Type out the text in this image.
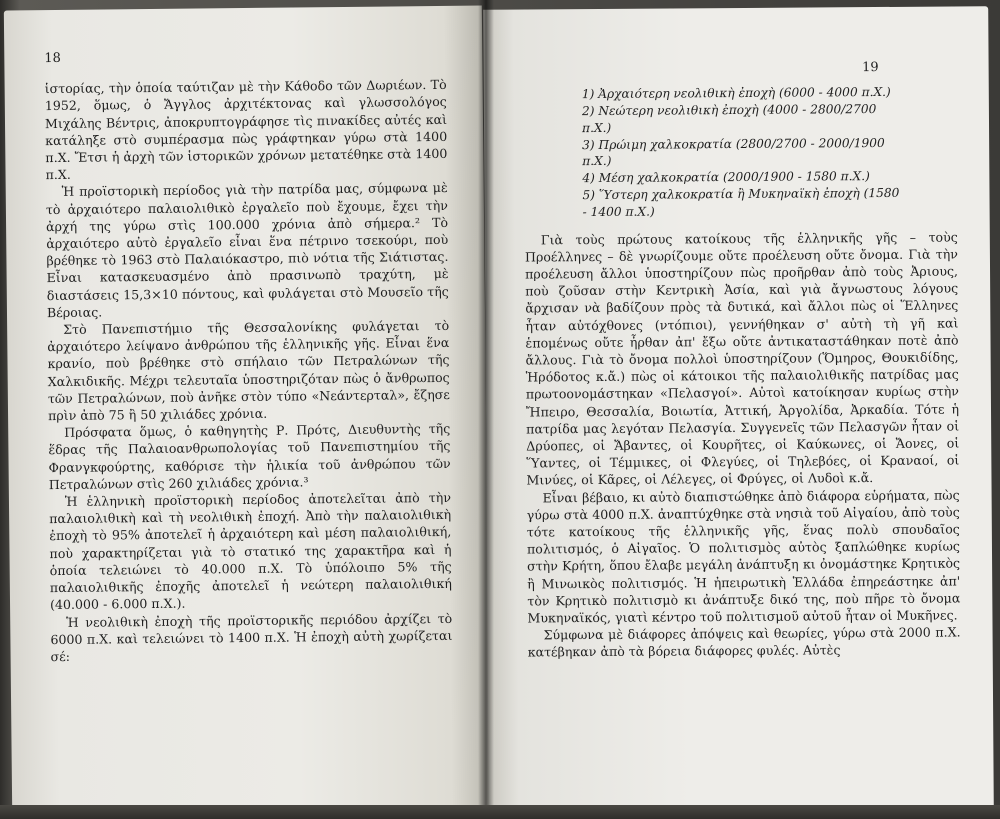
18

ἱστορίας, τὴν ὁποία ταύτιζαν μὲ τὴν Κάθοδο τῶν Δωριέων. Τὸ 1952, ὅμως, ὁ Ἄγγλος ἀρχιτέκτονας καὶ γλωσσολόγος Μιχάλης Βέντρις, ἀποκρυπτογράφησε τὶς πινακίδες αὐτές καὶ κατάληξε στὸ συμπέρασμα πὼς γράφτηκαν γύρω στὰ 1400 π.Χ. Ἔτσι ἡ ἀρχὴ τῶν ἱστορικῶν χρόνων μετατέθηκε στὰ 1400 π.Χ.

Ἡ προϊστορικὴ περίοδος γιὰ τὴν πατρίδα μας, σύμφωνα μὲ τὸ ἀρχαιότερο παλαιολιθικὸ ἐργαλεῖο ποὺ ἔχουμε, ἔχει τὴν ἀρχή της γύρω στὶς 100.000 χρόνια ἀπὸ σήμερα.² Τὸ ἀρχαιότερο αὐτὸ ἐργαλεῖο εἶναι ἕνα πέτρινο τσεκούρι, ποὺ βρέθηκε τὸ 1963 στὸ Παλαιόκαστρο, πιὸ νότια τῆς Σιάτιστας. Εἶναι κατασκευασμένο ἀπὸ πρασινωπὸ τραχύτη, μὲ διαστάσεις 15,3×10 πόντους, καὶ φυλάγεται στὸ Μουσεῖο τῆς Βέροιας.

Στὸ Πανεπιστήμιο τῆς Θεσσαλονίκης φυλάγεται τὸ ἀρχαιότερο λείψανο ἀνθρώπου τῆς ἑλληνικῆς γῆς. Εἶναι ἕνα κρανίο, ποὺ βρέθηκε στὸ σπήλαιο τῶν Πετραλώνων τῆς Χαλκιδικῆς. Μέχρι τελευταῖα ὑποστηριζόταν πὼς ὁ ἄνθρωπος τῶν Πετραλώνων, ποὺ ἀνῆκε στὸν τύπο «Νεάντερταλ», ἔζησε πρὶν ἀπὸ 75 ἢ 50 χιλιάδες χρόνια.

Πρόσφατα ὅμως, ὁ καθηγητὴς Ρ. Πρότς, Διευθυντὴς τῆς ἕδρας τῆς Παλαιοανθρωπολογίας τοῦ Πανεπιστημίου τῆς Φρανγκφούρτης, καθόρισε τὴν ἡλικία τοῦ ἀνθρώπου τῶν Πετραλώνων στὶς 260 χιλιάδες χρόνια.³

Ἡ ἑλληνικὴ προϊστορικὴ περίοδος ἀποτελεῖται ἀπὸ τὴν παλαιολιθικὴ καὶ τὴ νεολιθικὴ ἐποχή. Ἀπὸ τὴν παλαιολιθικὴ ἐποχὴ τὸ 95% ἀποτελεῖ ἡ ἀρχαιότερη καὶ μέση παλαιολιθική, ποὺ χαρακτηρίζεται γιὰ τὸ στατικό της χαρακτῆρα καὶ ἡ ὁποία τελειώνει τὸ 40.000 π.Χ. Τὸ ὑπόλοιπο 5% τῆς παλαιολιθικῆς ἐποχῆς ἀποτελεῖ ἡ νεώτερη παλαιολιθική (40.000 - 6.000 π.Χ.).

Ἡ νεολιθικὴ ἐποχὴ τῆς προϊστορικῆς περιόδου ἀρχίζει τὸ 6000 π.Χ. καὶ τελειώνει τὸ 1400 π.Χ. Ἡ ἐποχὴ αὐτὴ χωρίζεται σέ:

19
1) Ἀρχαιότερη νεολιθικὴ ἐποχὴ (6000 - 4000 π.Χ.)
2) Νεώτερη νεολιθικὴ ἐποχὴ (4000 - 2800/2700 π.Χ.)
3) Πρώιμη χαλκοκρατία (2800/2700 - 2000/1900 π.Χ.)
4) Μέση χαλκοκρατία (2000/1900 - 1580 π.Χ.)
5) Ὕστερη χαλκοκρατία ἢ Μυκηναϊκὴ ἐποχὴ (1580 - 1400 π.Χ.)

Γιὰ τοὺς πρώτους κατοίκους τῆς ἑλληνικῆς γῆς – τοὺς Προέλληνες – δὲ γνωρίζουμε οὔτε προέλευση οὔτε ὄνομα. Γιὰ τὴν προέλευση ἄλλοι ὑποστηρίζουν πὼς προῆρθαν ἀπὸ τοὺς Ἀριους, ποὺ ζοῦσαν στὴν Κεντρικὴ Ἀσία, καὶ γιὰ ἄγνωστους λόγους ἄρχισαν νὰ βαδίζουν πρὸς τὰ δυτικά, καὶ ἄλλοι πὼς οἱ Ἕλληνες ἦταν αὐτόχθονες (ντόπιοι), γεννήθηκαν σ' αὐτὴ τὴ γῆ καὶ ἑπομένως οὔτε ἦρθαν ἀπ' ἔξω οὔτε ἀντικαταστάθηκαν ποτὲ ἀπὸ ἄλλους. Γιὰ τὸ ὄνομα πολλοὶ ὑποστηρίζουν (Ὅμηρος, Θουκιδίδης, Ἡρόδοτος κ.ἄ.) πὼς οἱ κάτοικοι τῆς παλαιολιθικῆς πατρίδας μας πρωτοονομάστηκαν «Πελασγοί». Αὐτοὶ κατοίκησαν κυρίως στὴν Ἤπειρο, Θεσσαλία, Βοιωτία, Ἀττική, Ἀργολίδα, Ἀρκαδία. Τότε ἡ πατρίδα μας λεγόταν Πελασγία. Συγγενεῖς τῶν Πελασγῶν ἦταν οἱ Δρύοπες, οἱ Ἄβαντες, οἱ Κουρῆτες, οἱ Καύκωνες, οἱ Ἄονες, οἱ Ὕαντες, οἱ Τέμμικες, οἱ Φλεγύες, οἱ Τηλεβόες, οἱ Κραναοί, οἱ Μινύες, οἱ Κᾶρες, οἱ Λέλεγες, οἱ Φρύγες, οἱ Λυδοὶ κ.ἄ.

Εἶναι βέβαιο, κι αὐτὸ διαπιστώθηκε ἀπὸ διάφορα εὑρήματα, πὼς γύρω στὰ 4000 π.Χ. ἀναπτύχθηκε στὰ νησιὰ τοῦ Αἰγαίου, ἀπὸ τοὺς τότε κατοίκους τῆς ἑλληνικῆς γῆς, ἕνας πολὺ σπουδαῖος πολιτισμός, ὁ Αἰγαῖος. Ὁ πολιτισμὸς αὐτὸς ξαπλώθηκε κυρίως στὴν Κρήτη, ὅπου ἔλαβε μεγάλη ἀνάπτυξη κι ὀνομάστηκε Κρητικὸς ἢ Μινωικὸς πολιτισμός. Ἡ ἠπειρωτικὴ Ἑλλάδα ἐπηρεάστηκε ἀπ' τὸν Κρητικὸ πολιτισμὸ κι ἀνάπτυξε δικό της, ποὺ πῆρε τὸ ὄνομα Μυκηναϊκός, γιατὶ κέντρο τοῦ πολιτισμοῦ αὐτοῦ ἦταν οἱ Μυκῆνες.

Σύμφωνα μὲ διάφορες ἀπόψεις καὶ θεωρίες, γύρω στὰ 2000 π.Χ. κατέβηκαν ἀπὸ τὰ βόρεια διάφορες φυλές. Αὐτὲς
